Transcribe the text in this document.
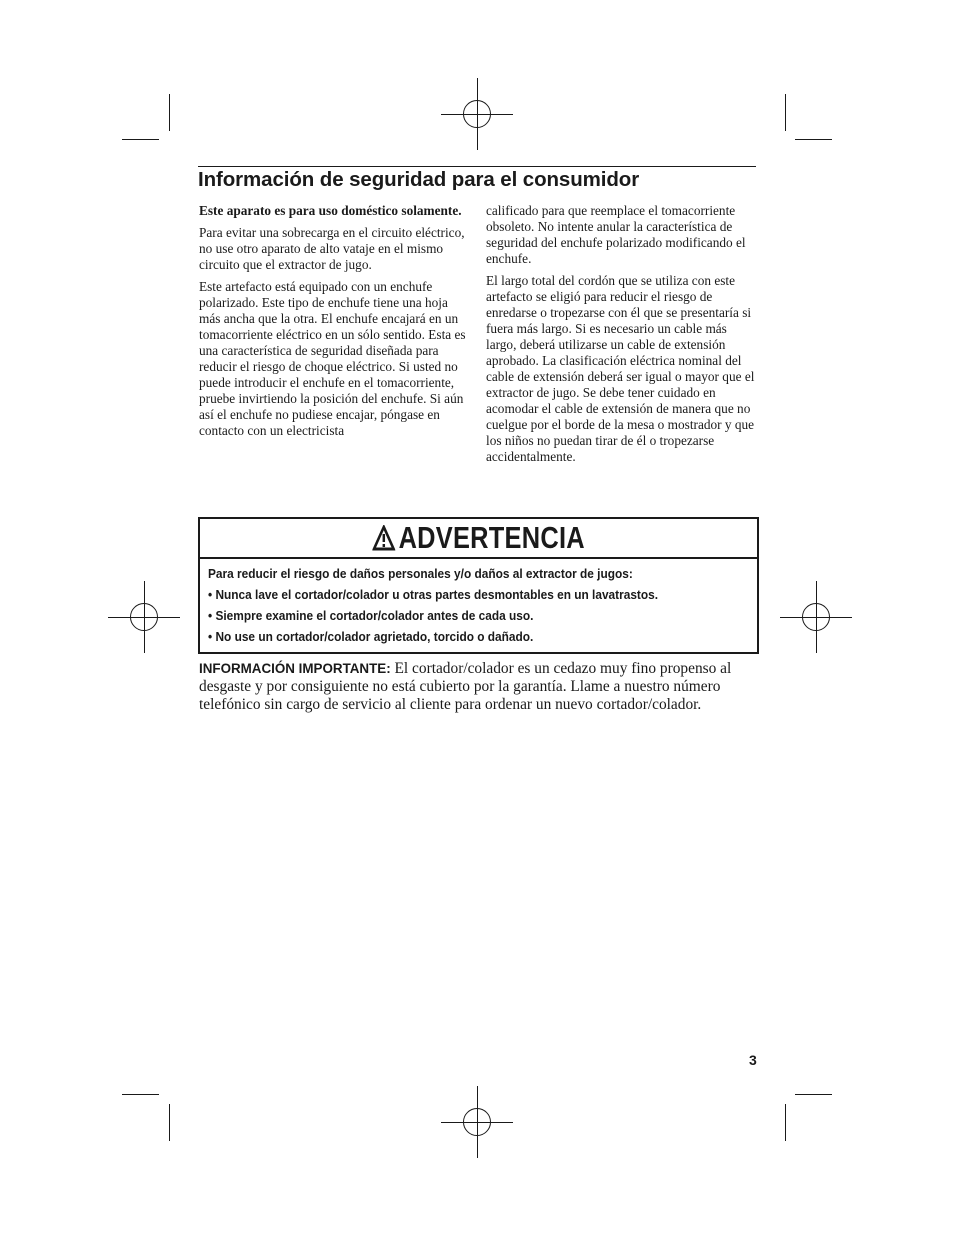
Información de seguridad para el consumidor

Este aparato es para uso doméstico solamente.

Para evitar una sobrecarga en el circuito eléctrico, no use otro aparato de alto vataje en el mismo circuito que el extractor de jugo.

Este artefacto está equipado con un enchufe polarizado. Este tipo de enchufe tiene una hoja más ancha que la otra. El enchufe encajará en un tomacorriente eléctrico en un sólo sentido. Esta es una característica de seguridad diseñada para reducir el riesgo de choque eléctrico. Si usted no puede introducir el enchufe en el tomacorriente, pruebe invirtiendo la posición del enchufe. Si aún así el enchufe no pudiese encajar, póngase en contacto con un electricista

calificado para que reemplace el tomacorriente obsoleto. No intente anular la característica de seguridad del enchufe polarizado modificando el enchufe.

El largo total del cordón que se utiliza con este artefacto se eligió para reducir el riesgo de enredarse o tropezarse con él que se presentaría si fuera más largo. Si es necesario un cable más largo, deberá utilizarse un cable de extensión aprobado. La clasificación eléctrica nominal del cable de extensión deberá ser igual o mayor que el extractor de jugo. Se debe tener cuidado en acomodar el cable de extensión de manera que no cuelgue por el borde de la mesa o mostrador y que los niños no puedan tirar de él o tropezarse accidentalmente.

ADVERTENCIA
Para reducir el riesgo de daños personales y/o daños al extractor de jugos:
• Nunca lave el cortador/colador u otras partes desmontables en un lavatrastos.
• Siempre examine el cortador/colador antes de cada uso.
• No use un cortador/colador agrietado, torcido o dañado.
INFORMACIÓN IMPORTANTE: El cortador/colador es un cedazo muy fino propenso al desgaste y por consiguiente no está cubierto por la garantía. Llame a nuestro número telefónico sin cargo de servicio al cliente para ordenar un nuevo cortador/colador.
3
